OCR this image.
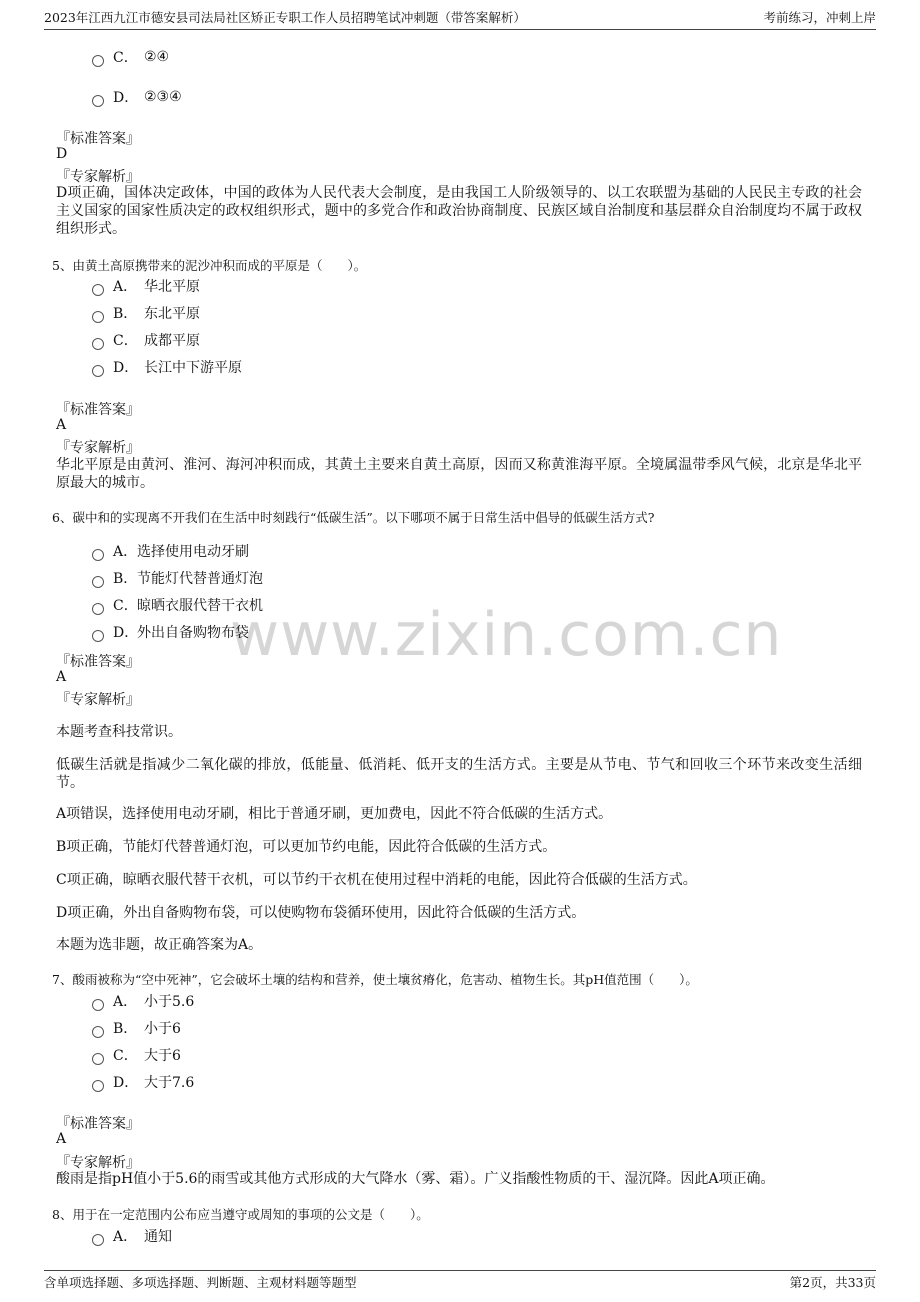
2023年江西九江市德安县司法局社区矫正专职工作人员招聘笔试冲刺题（带答案解析）	考前练习，冲刺上岸
www.zixin.com.cn
C． ②④
D． ②③④
『标准答案』
D
『专家解析』
D项正确，国体决定政体，中国的政体为人民代表大会制度，是由我国工人阶级领导的、以工农联盟为基础的人民民主专政的社会主义国家的国家性质决定的政权组织形式，题中的多党合作和政治协商制度、民族区域自治制度和基层群众自治制度均不属于政权组织形式。
5、由黄土高原携带来的泥沙冲积而成的平原是（　　）。
A． 华北平原
B． 东北平原
C． 成都平原
D． 长江中下游平原
『标准答案』
A
『专家解析』
华北平原是由黄河、淮河、海河冲积而成，其黄土主要来自黄土高原，因而又称黄淮海平原。全境属温带季风气候，北京是华北平原最大的城市。
6、碳中和的实现离不开我们在生活中时刻践行“低碳生活”。以下哪项不属于日常生活中倡导的低碳生活方式?
A． 选择使用电动牙刷
B． 节能灯代替普通灯泡
C． 晾晒衣服代替干衣机
D．
外出自备购物布袋
『标准答案』
A
『专家解析』
本题考查科技常识。
低碳生活就是指减少二氧化碳的排放，低能量、低消耗、低开支的生活方式。主要是从节电、节气和回收三个环节来改变生活细节。
A项错误，选择使用电动牙刷，相比于普通牙刷，更加费电，因此不符合低碳的生活方式。
B项正确，节能灯代替普通灯泡，可以更加节约电能，因此符合低碳的生活方式。
C项正确，晾晒衣服代替干衣机，可以节约干衣机在使用过程中消耗的电能，因此符合低碳的生活方式。
D项正确，外出自备购物布袋，可以使购物布袋循环使用，因此符合低碳的生活方式。
本题为选非题，故正确答案为A。
7、酸雨被称为“空中死神”，它会破坏土壤的结构和营养，使土壤贫瘠化，危害动、植物生长。其pH值范围（　　）。
A． 小于5.6
B． 小于6
C． 大于6
D． 大于7.6
『标准答案』
A
『专家解析』
酸雨是指pH值小于5.6的雨雪或其他方式形成的大气降水（雾、霜）。广义指酸性物质的干、湿沉降。因此A项正确。
8、用于在一定范围内公布应当遵守或周知的事项的公文是（　　）。
A． 通知
含单项选择题、多项选择题、判断题、主观材料题等题型	第2页，共33页
